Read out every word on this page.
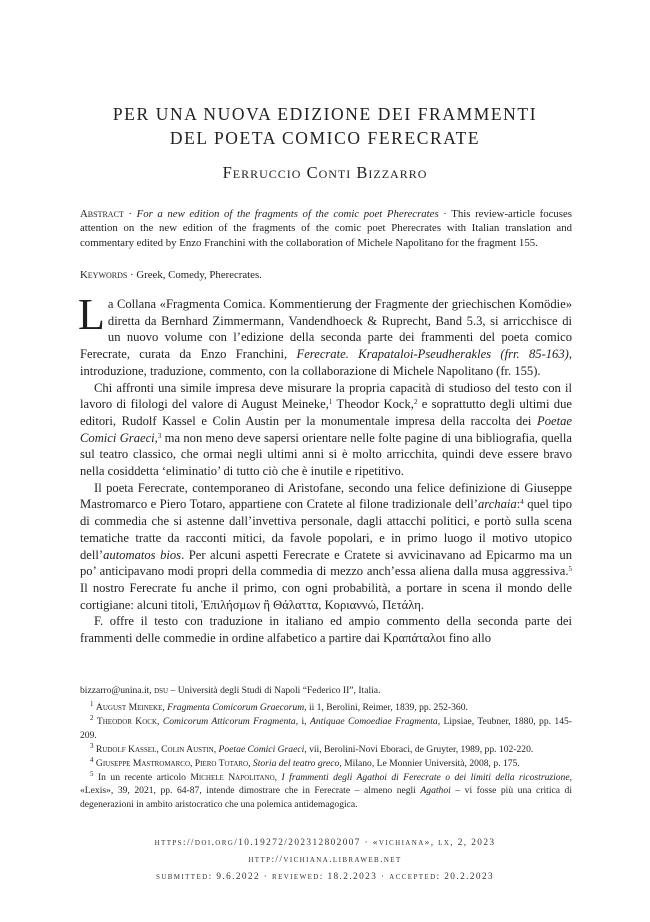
PER UNA NUOVA EDIZIONE DEI FRAMMENTI
DEL POETA COMICO FERECRATE
Ferruccio Conti Bizzarro
Abstract · For a new edition of the fragments of the comic poet Pherecrates · This review-article focuses attention on the new edition of the fragments of the comic poet Pherecrates with Italian translation and commentary edited by Enzo Franchini with the collaboration of Michele Napolitano for the fragment 155.
Keywords · Greek, Comedy, Pherecrates.

La Collana «Fragmenta Comica. Kommentierung der Fragmente der griechischen Komödie» diretta da Bernhard Zimmermann, Vandendhoeck & Ruprecht, Band 5.3, si arricchisce di un nuovo volume con l’edizione della seconda parte dei frammenti del poeta comico Ferecrate, curata da Enzo Franchini, Ferecrate. Krapataloi-Pseudherakles (frr. 85-163), introduzione, traduzione, commento, con la collaborazione di Michele Napolitano (fr. 155).

Chi affronti una simile impresa deve misurare la propria capacità di studioso del testo con il lavoro di filologi del valore di August Meineke,$^1$ Theodor Kock,$^2$ e soprattutto degli ultimi due editori, Rudolf Kassel e Colin Austin per la monumentale impresa della raccolta dei Poetae Comici Graeci,$^3$ ma non meno deve sapersi orientare nelle folte pagine di una bibliografia, quella sul teatro classico, che ormai negli ultimi anni si è molto arricchita, quindi deve essere bravo nella cosiddetta ‘eliminatio’ di tutto ciò che è inutile e ripetitivo.

Il poeta Ferecrate, contemporaneo di Aristofane, secondo una felice definizione di Giuseppe Mastromarco e Piero Totaro, appartiene con Cratete al filone tradizionale dell’archaia:$^4$ quel tipo di commedia che si astenne dall’invettiva personale, dagli attacchi politici, e portò sulla scena tematiche tratte da racconti mitici, da favole popolari, e in primo luogo il motivo utopico dell’automatos bios. Per alcuni aspetti Ferecrate e Cratete si avvicinavano ad Epicarmo ma un po’ anticipavano modi propri della commedia di mezzo anch’essa aliena dalla musa aggressiva.$^5$ Il nostro Ferecrate fu anche il primo, con ogni probabilità, a portare in scena il mondo delle cortigiane: alcuni titoli, Ἐπιλήσμων ἢ Θάλαττα, Κοριαννώ, Πετάλη.

F. offre il testo con traduzione in italiano ed ampio commento della seconda parte dei frammenti delle commedie in ordine alfabetico a partire dai Κραπάταλοι fino allo

bizzarro@unina.it, dsu – Università degli Studi di Napoli “Federico II”, Italia.

$^1$ August Meineke, Fragmenta Comicorum Graecorum, ii 1, Berolini, Reimer, 1839, pp. 252-360.

$^2$ Theodor Kock, Comicorum Atticorum Fragmenta, i, Antiquae Comoediae Fragmenta, Lipsiae, Teubner, 1880, pp. 145-209.

$^3$ Rudolf Kassel, Colin Austin, Poetae Comici Graeci, vii, Berolini-Novi Eboraci, de Gruyter, 1989, pp. 102-220.

$^4$ Giuseppe Mastromarco, Piero Totaro, Storia del teatro greco, Milano, Le Monnier Università, 2008, p. 175.

$^5$ In un recente articolo Michele Napolitano, I frammenti degli Agathoi di Ferecrate o dei limiti della ricostruzione, «Lexis», 39, 2021, pp. 64-87, intende dimostrare che in Ferecrate – almeno negli Agathoi – vi fosse più una critica di degenerazioni in ambito aristocratico che una polemica antidemagogica.

https://doi.org/10.19272/202312802007 · «vichiana», lx, 2, 2023
http://vichiana.libraweb.net
submitted: 9.6.2022 · reviewed: 18.2.2023 · accepted: 20.2.2023
